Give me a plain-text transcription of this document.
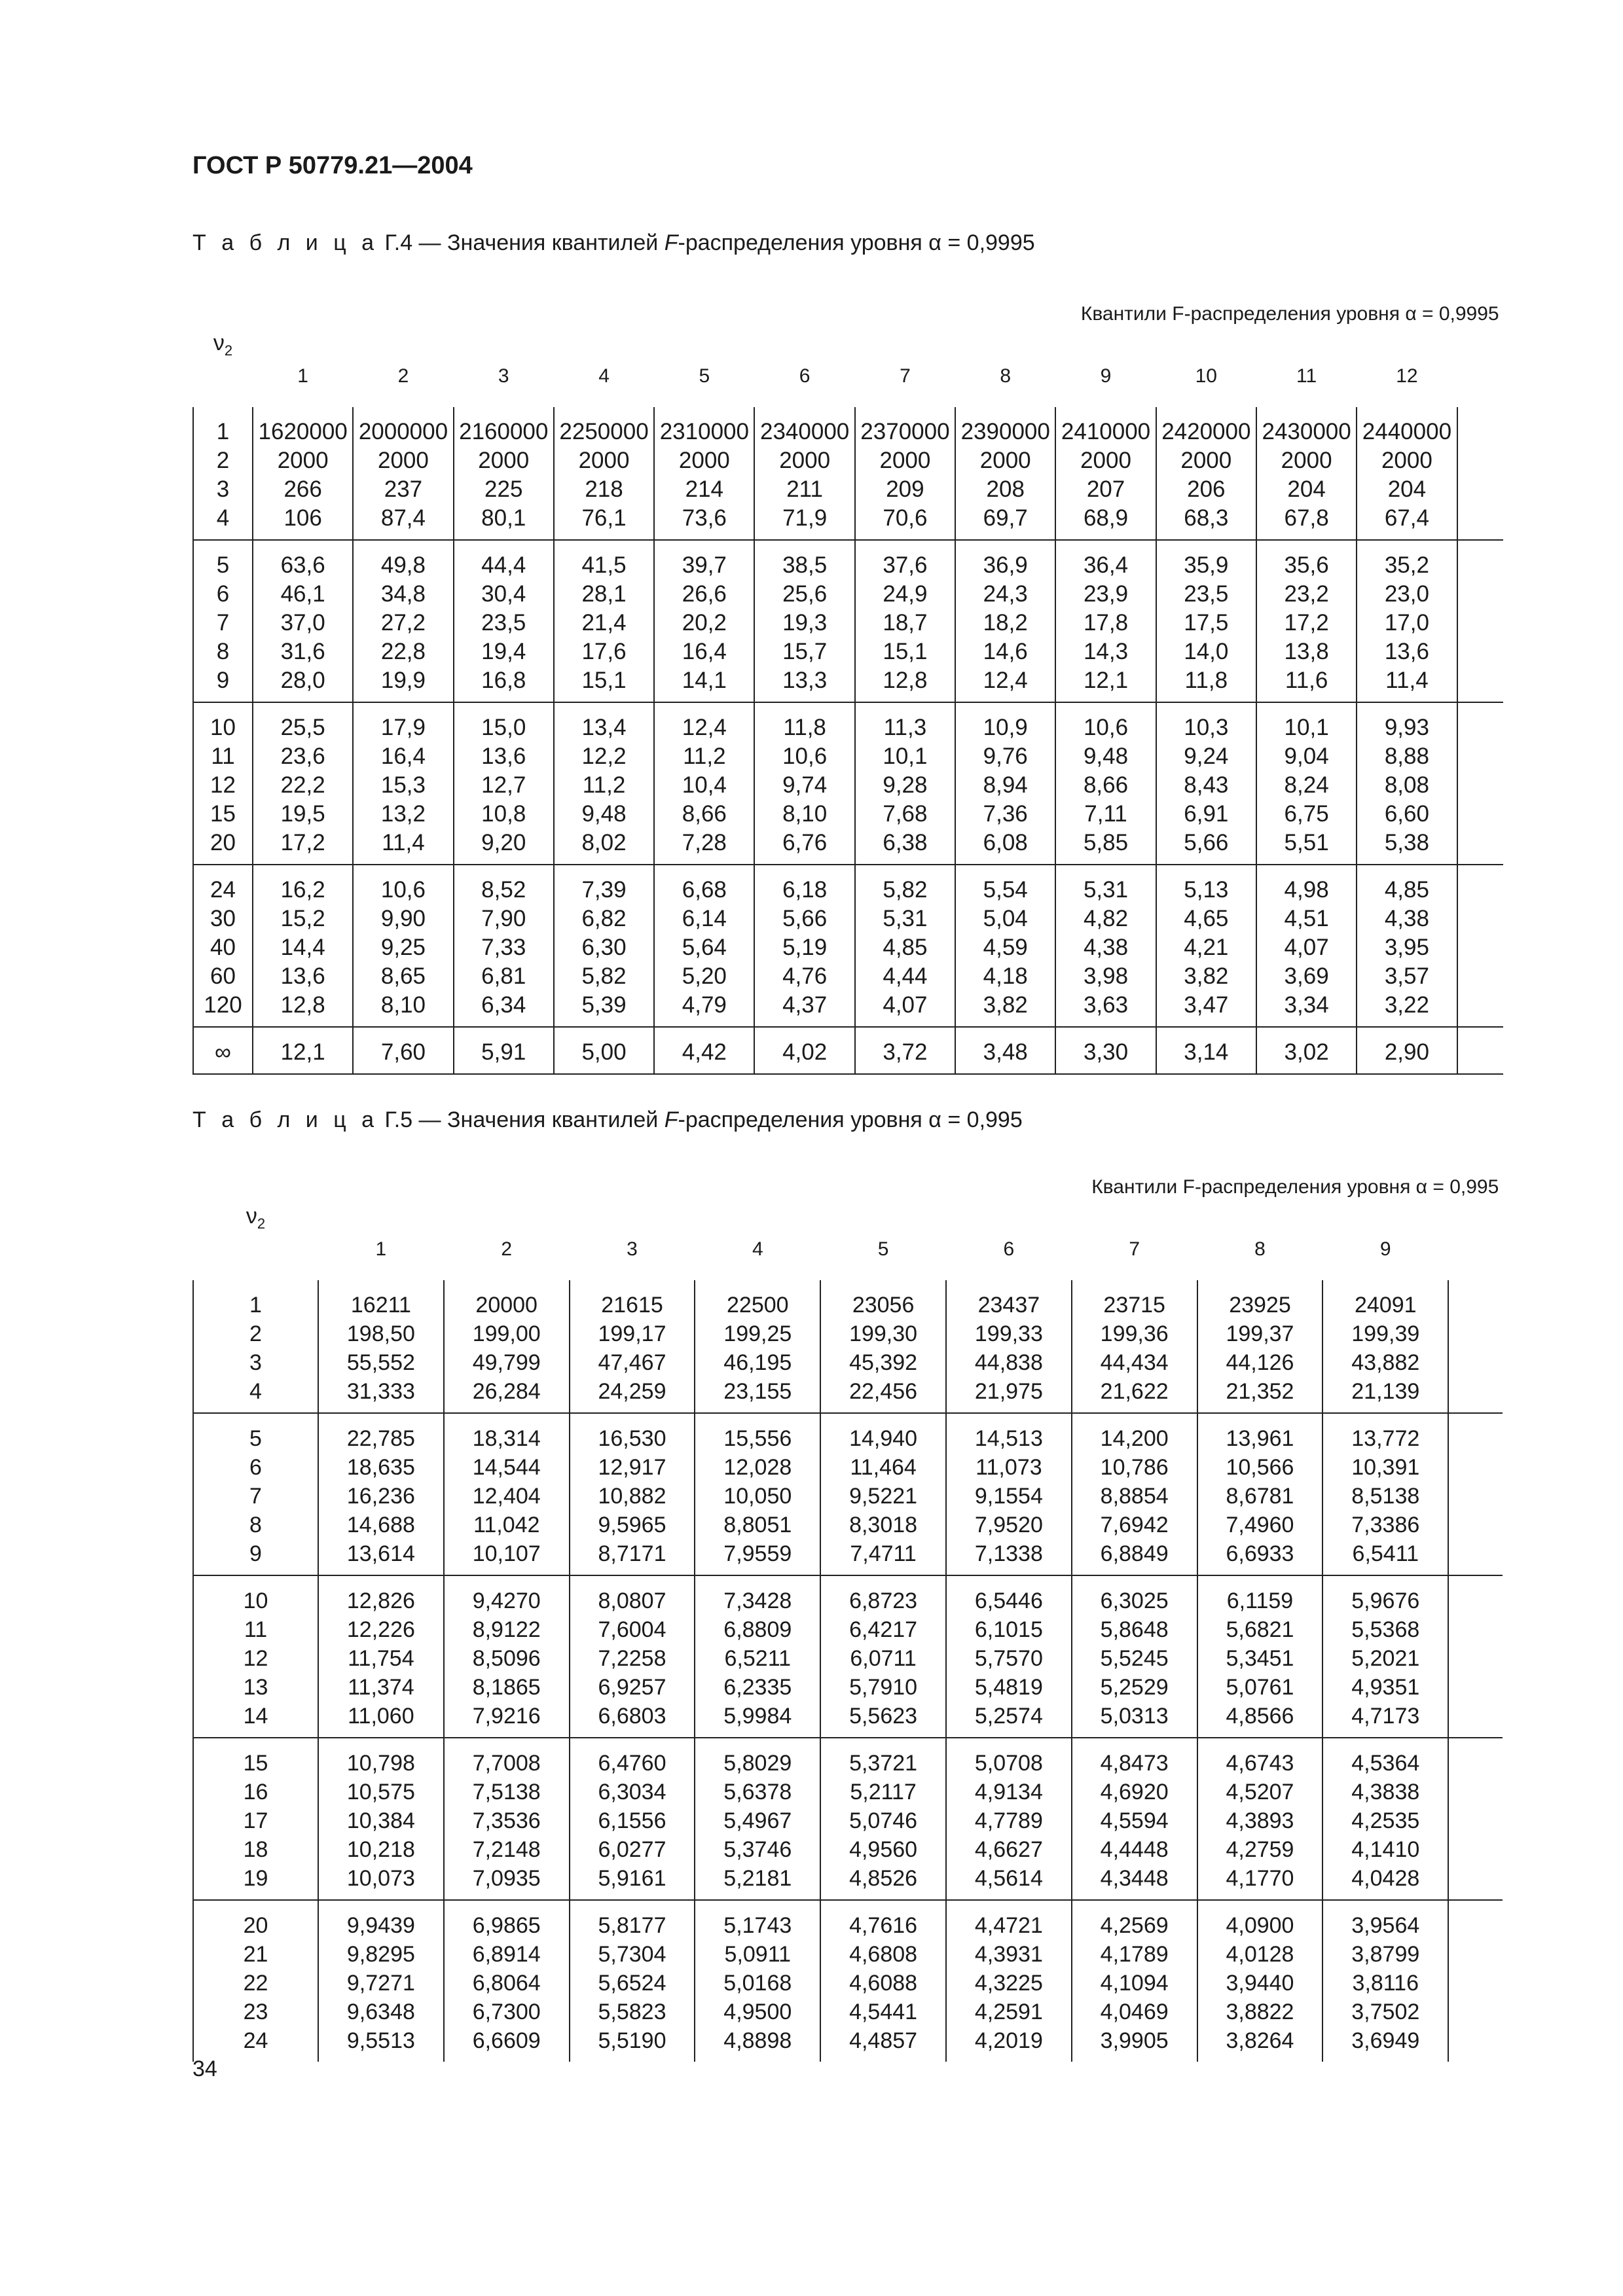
ГОСТ Р 50779.21—2004
Т а б л и ц а Г.4 — Значения квантилей F-распределения уровня α = 0,9995
$\nu_2$	Квантили F-распределения уровня α = 0,9995												
	1	2	3	4	5	6	7	8	9	10	11	12	
1	1620000	2000000	2160000	2250000	2310000	2340000	2370000	2390000	2410000	2420000	2430000	2440000	
2	2000	2000	2000	2000	2000	2000	2000	2000	2000	2000	2000	2000	
3	266	237	225	218	214	211	209	208	207	206	204	204	
4	106	87,4	80,1	76,1	73,6	71,9	70,6	69,7	68,9	68,3	67,8	67,4	
5	63,6	49,8	44,4	41,5	39,7	38,5	37,6	36,9	36,4	35,9	35,6	35,2	
6	46,1	34,8	30,4	28,1	26,6	25,6	24,9	24,3	23,9	23,5	23,2	23,0	
7	37,0	27,2	23,5	21,4	20,2	19,3	18,7	18,2	17,8	17,5	17,2	17,0	
8	31,6	22,8	19,4	17,6	16,4	15,7	15,1	14,6	14,3	14,0	13,8	13,6	
9	28,0	19,9	16,8	15,1	14,1	13,3	12,8	12,4	12,1	11,8	11,6	11,4	
10	25,5	17,9	15,0	13,4	12,4	11,8	11,3	10,9	10,6	10,3	10,1	9,93	
11	23,6	16,4	13,6	12,2	11,2	10,6	10,1	9,76	9,48	9,24	9,04	8,88	
12	22,2	15,3	12,7	11,2	10,4	9,74	9,28	8,94	8,66	8,43	8,24	8,08	
15	19,5	13,2	10,8	9,48	8,66	8,10	7,68	7,36	7,11	6,91	6,75	6,60	
20	17,2	11,4	9,20	8,02	7,28	6,76	6,38	6,08	5,85	5,66	5,51	5,38	
24	16,2	10,6	8,52	7,39	6,68	6,18	5,82	5,54	5,31	5,13	4,98	4,85	
30	15,2	9,90	7,90	6,82	6,14	5,66	5,31	5,04	4,82	4,65	4,51	4,38	
40	14,4	9,25	7,33	6,30	5,64	5,19	4,85	4,59	4,38	4,21	4,07	3,95	
60	13,6	8,65	6,81	5,82	5,20	4,76	4,44	4,18	3,98	3,82	3,69	3,57	
120	12,8	8,10	6,34	5,39	4,79	4,37	4,07	3,82	3,63	3,47	3,34	3,22	
∞	12,1	7,60	5,91	5,00	4,42	4,02	3,72	3,48	3,30	3,14	3,02	2,90	
Т а б л и ц а Г.5 — Значения квантилей F-распределения уровня α = 0,995
$\nu_2$	Квантили F-распределения уровня α = 0,995									
	1	2	3	4	5	6	7	8	9	
1	16211	20000	21615	22500	23056	23437	23715	23925	24091	
2	198,50	199,00	199,17	199,25	199,30	199,33	199,36	199,37	199,39	
3	55,552	49,799	47,467	46,195	45,392	44,838	44,434	44,126	43,882	
4	31,333	26,284	24,259	23,155	22,456	21,975	21,622	21,352	21,139	
5	22,785	18,314	16,530	15,556	14,940	14,513	14,200	13,961	13,772	
6	18,635	14,544	12,917	12,028	11,464	11,073	10,786	10,566	10,391	
7	16,236	12,404	10,882	10,050	9,5221	9,1554	8,8854	8,6781	8,5138	
8	14,688	11,042	9,5965	8,8051	8,3018	7,9520	7,6942	7,4960	7,3386	
9	13,614	10,107	8,7171	7,9559	7,4711	7,1338	6,8849	6,6933	6,5411	
10	12,826	9,4270	8,0807	7,3428	6,8723	6,5446	6,3025	6,1159	5,9676	
11	12,226	8,9122	7,6004	6,8809	6,4217	6,1015	5,8648	5,6821	5,5368	
12	11,754	8,5096	7,2258	6,5211	6,0711	5,7570	5,5245	5,3451	5,2021	
13	11,374	8,1865	6,9257	6,2335	5,7910	5,4819	5,2529	5,0761	4,9351	
14	11,060	7,9216	6,6803	5,9984	5,5623	5,2574	5,0313	4,8566	4,7173	
15	10,798	7,7008	6,4760	5,8029	5,3721	5,0708	4,8473	4,6743	4,5364	
16	10,575	7,5138	6,3034	5,6378	5,2117	4,9134	4,6920	4,5207	4,3838	
17	10,384	7,3536	6,1556	5,4967	5,0746	4,7789	4,5594	4,3893	4,2535	
18	10,218	7,2148	6,0277	5,3746	4,9560	4,6627	4,4448	4,2759	4,1410	
19	10,073	7,0935	5,9161	5,2181	4,8526	4,5614	4,3448	4,1770	4,0428	
20	9,9439	6,9865	5,8177	5,1743	4,7616	4,4721	4,2569	4,0900	3,9564	
21	9,8295	6,8914	5,7304	5,0911	4,6808	4,3931	4,1789	4,0128	3,8799	
22	9,7271	6,8064	5,6524	5,0168	4,6088	4,3225	4,1094	3,9440	3,8116	
23	9,6348	6,7300	5,5823	4,9500	4,5441	4,2591	4,0469	3,8822	3,7502	
24	9,5513	6,6609	5,5190	4,8898	4,4857	4,2019	3,9905	3,8264	3,6949	
34
